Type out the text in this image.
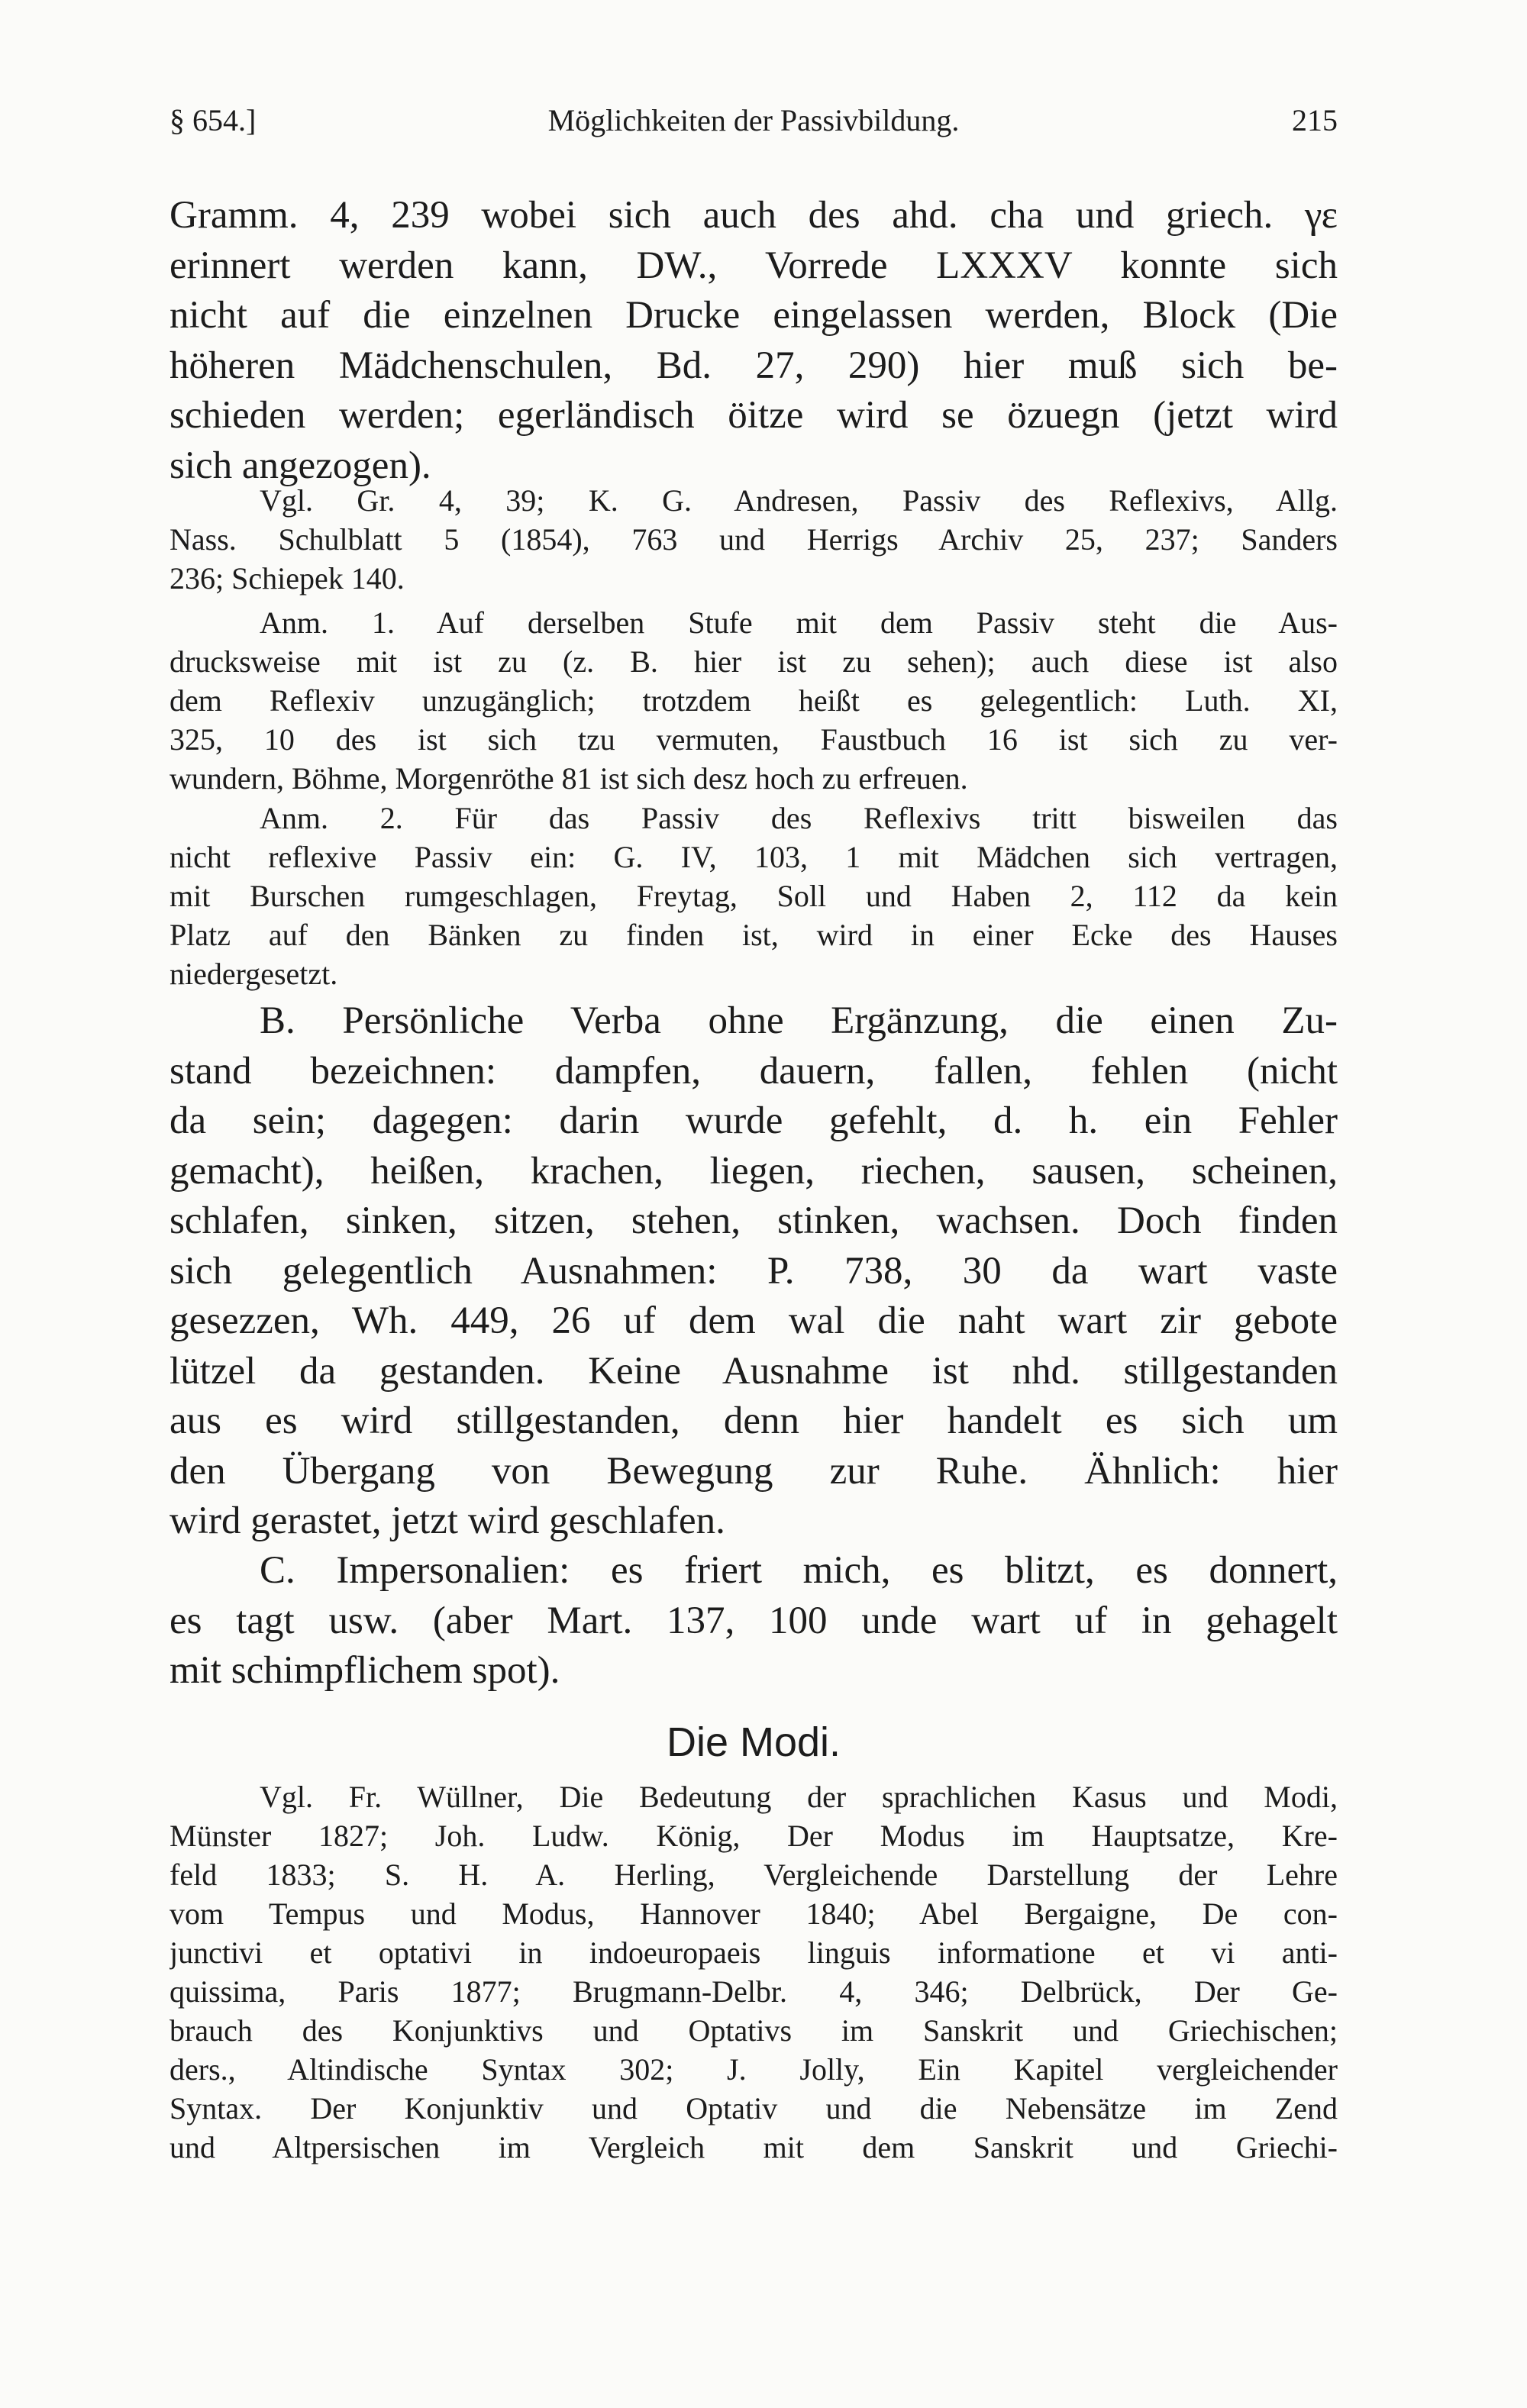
§ 654.]	Möglichkeiten der Passivbildung.	215
Gramm. 4, 239 wobei sich auch des ahd. cha und griech. γε
erinnert werden kann, DW., Vorrede LXXXV konnte sich
nicht auf die einzelnen Drucke eingelassen werden, Block (Die
höheren Mädchenschulen, Bd. 27, 290) hier muß sich be-
schieden werden; egerländisch öitze wird se özuegn (jetzt wird
sich angezogen).
Vgl. Gr. 4, 39; K. G. Andresen, Passiv des Reflexivs, Allg.
Nass. Schulblatt 5 (1854), 763 und Herrigs Archiv 25, 237; Sanders
236; Schiepek 140.
Anm. 1. Auf derselben Stufe mit dem Passiv steht die Aus-
drucksweise mit ist zu (z. B. hier ist zu sehen); auch diese ist also
dem Reflexiv unzugänglich; trotzdem heißt es gelegentlich: Luth. XI,
325, 10 des ist sich tzu vermuten, Faustbuch 16 ist sich zu ver-
wundern, Böhme, Morgenröthe 81 ist sich desz hoch zu erfreuen.
Anm. 2. Für das Passiv des Reflexivs tritt bisweilen das
nicht reflexive Passiv ein: G. IV, 103, 1 mit Mädchen sich vertragen,
mit Burschen rumgeschlagen, Freytag, Soll und Haben 2, 112 da kein
Platz auf den Bänken zu finden ist, wird in einer Ecke des Hauses
niedergesetzt.
B. Persönliche Verba ohne Ergänzung, die einen Zu-
stand bezeichnen: dampfen, dauern, fallen, fehlen (nicht
da sein; dagegen: darin wurde gefehlt, d. h. ein Fehler
gemacht), heißen, krachen, liegen, riechen, sausen, scheinen,
schlafen, sinken, sitzen, stehen, stinken, wachsen. Doch finden
sich gelegentlich Ausnahmen: P. 738, 30 da wart vaste
gesezzen, Wh. 449, 26 uf dem wal die naht wart zir gebote
lützel da gestanden. Keine Ausnahme ist nhd. stillgestanden
aus es wird stillgestanden, denn hier handelt es sich um
den Übergang von Bewegung zur Ruhe. Ähnlich: hier
wird gerastet, jetzt wird geschlafen.
C. Impersonalien: es friert mich, es blitzt, es donnert,
es tagt usw. (aber Mart. 137, 100 unde wart uf in gehagelt
mit schimpflichem spot).
Die Modi.
Vgl. Fr. Wüllner, Die Bedeutung der sprachlichen Kasus und Modi,
Münster 1827; Joh. Ludw. König, Der Modus im Hauptsatze, Kre-
feld 1833; S. H. A. Herling, Vergleichende Darstellung der Lehre
vom Tempus und Modus, Hannover 1840; Abel Bergaigne, De con-
junctivi et optativi in indoeuropaeis linguis informatione et vi anti-
quissima, Paris 1877; Brugmann-Delbr. 4, 346; Delbrück, Der Ge-
brauch des Konjunktivs und Optativs im Sanskrit und Griechischen;
ders., Altindische Syntax 302; J. Jolly, Ein Kapitel vergleichender
Syntax. Der Konjunktiv und Optativ und die Nebensätze im Zend
und Altpersischen im Vergleich mit dem Sanskrit und Griechi-
